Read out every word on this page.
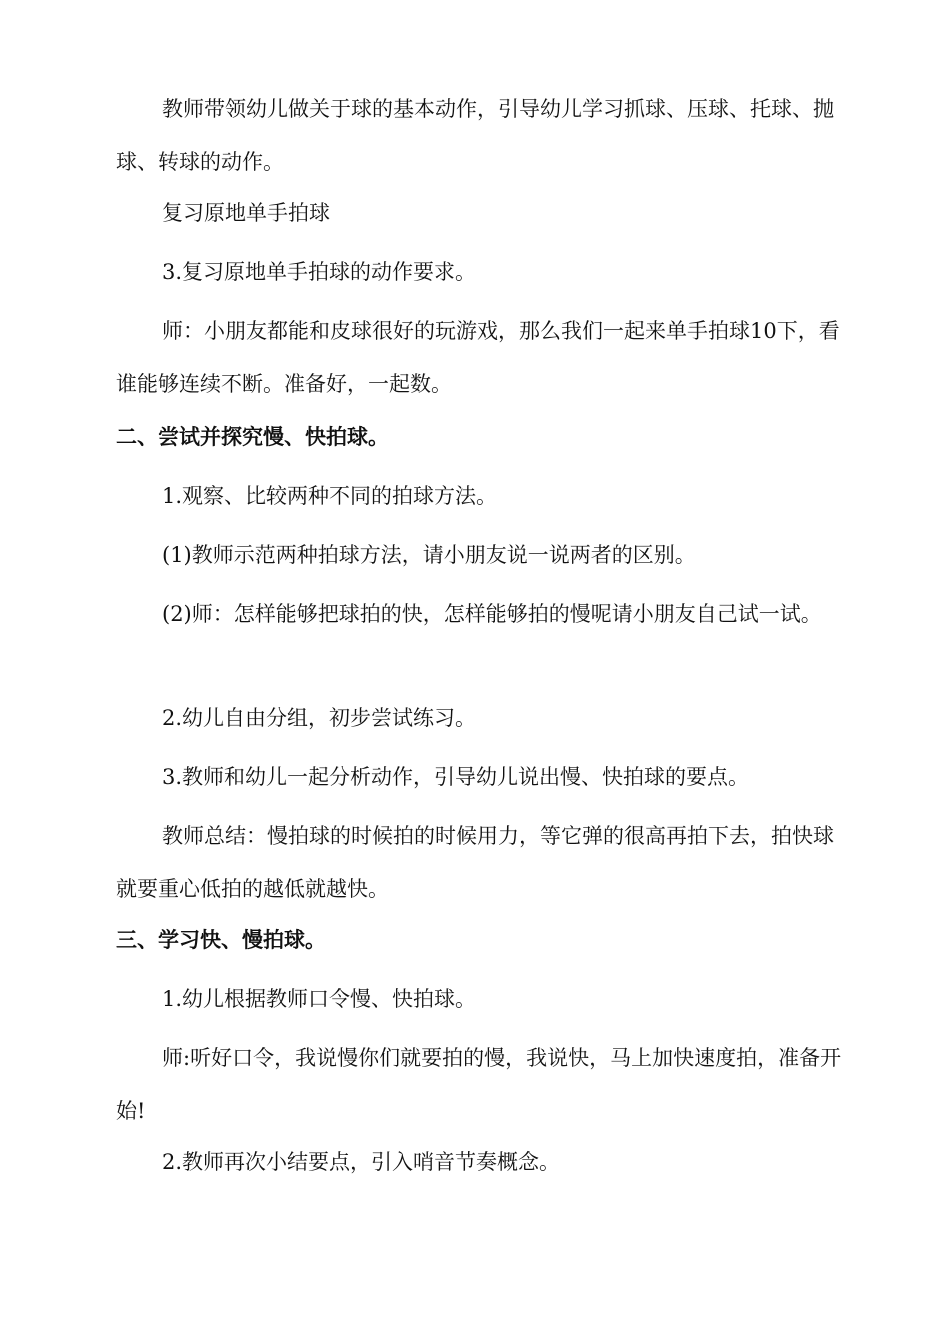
教师带领幼儿做关于球的基本动作，引导幼儿学习抓球、压球、托球、抛球、转球的动作。

复习原地单手拍球

3.复习原地单手拍球的动作要求。

师：小朋友都能和皮球很好的玩游戏，那么我们一起来单手拍球10下，看谁能够连续不断。准备好，一起数。

二、尝试并探究慢、快拍球。

1.观察、比较两种不同的拍球方法。

(1)教师示范两种拍球方法，请小朋友说一说两者的区别。

(2)师：怎样能够把球拍的快，怎样能够拍的慢呢请小朋友自己试一试。

2.幼儿自由分组，初步尝试练习。

3.教师和幼儿一起分析动作，引导幼儿说出慢、快拍球的要点。

教师总结：慢拍球的时候拍的时候用力，等它弹的很高再拍下去，拍快球就要重心低拍的越低就越快。

三、学习快、慢拍球。

1.幼儿根据教师口令慢、快拍球。

师:听好口令，我说慢你们就要拍的慢，我说快，马上加快速度拍，准备开始!

2.教师再次小结要点，引入哨音节奏概念。
